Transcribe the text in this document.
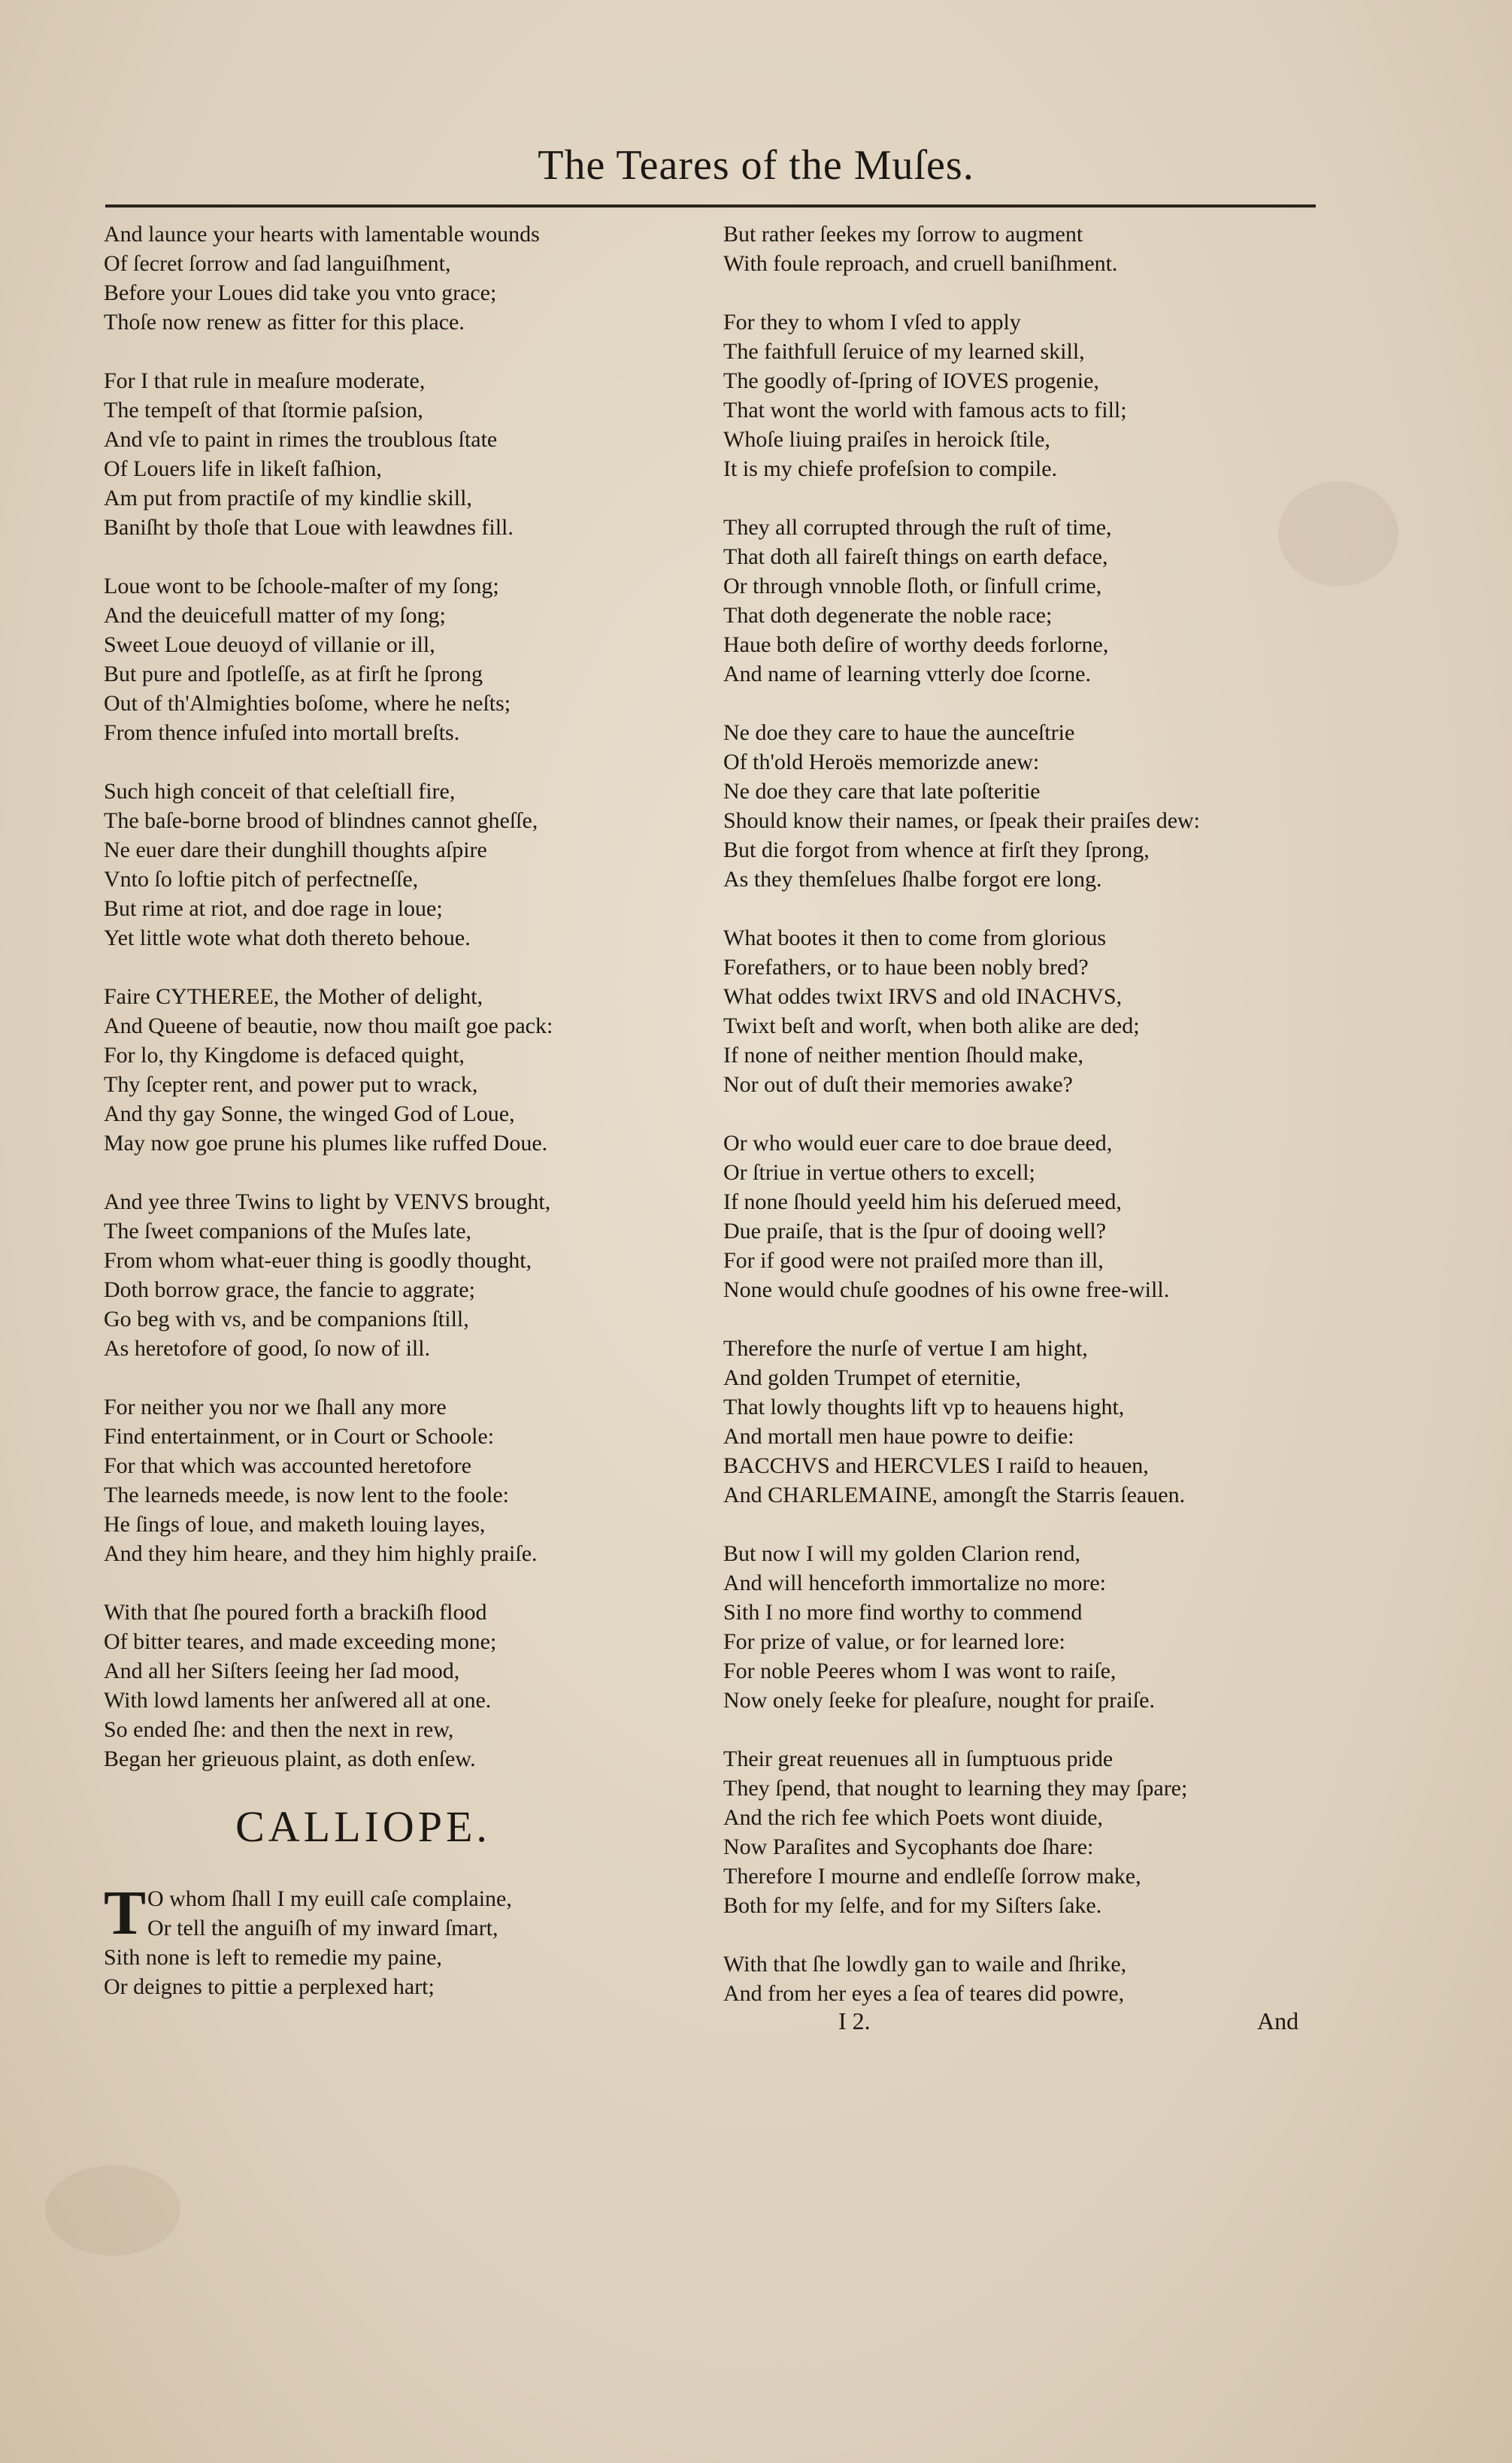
The Teares of the Muſes.
And launce your hearts with lamentable wounds
Of ſecret ſorrow and ſad languiſhment,
Before your Loues did take you vnto grace;
Thoſe now renew as fitter for this place.
For I that rule in meaſure moderate,
The tempeſt of that ſtormie paſsion,
And vſe to paint in rimes the troublous ſtate
Of Louers life in likeſt faſhion,
Am put from practiſe of my kindlie skill,
Baniſht by thoſe that Loue with leawdnes fill.
Loue wont to be ſchoole-maſter of my ſong;
And the deuicefull matter of my ſong;
Sweet Loue deuoyd of villanie or ill,
But pure and ſpotleſſe, as at firſt he ſprong
Out of th'Almighties boſome, where he neſts;
From thence infuſed into mortall breſts.
Such high conceit of that celeſtiall fire,
The baſe-borne brood of blindnes cannot gheſſe,
Ne euer dare their dunghill thoughts aſpire
Vnto ſo loftie pitch of perfectneſſe,
But rime at riot, and doe rage in loue;
Yet little wote what doth thereto behoue.
Faire CYTHEREE, the Mother of delight,
And Queene of beautie, now thou maiſt goe pack:
For lo, thy Kingdome is defaced quight,
Thy ſcepter rent, and power put to wrack,
And thy gay Sonne, the winged God of Loue,
May now goe prune his plumes like ruffed Doue.
And yee three Twins to light by VENVS brought,
The ſweet companions of the Muſes late,
From whom what-euer thing is goodly thought,
Doth borrow grace, the fancie to aggrate;
Go beg with vs, and be companions ſtill,
As heretofore of good, ſo now of ill.
For neither you nor we ſhall any more
Find entertainment, or in Court or Schoole:
For that which was accounted heretofore
The learneds meede, is now lent to the foole:
He ſings of loue, and maketh louing layes,
And they him heare, and they him highly praiſe.
With that ſhe poured forth a brackiſh flood
Of bitter teares, and made exceeding mone;
And all her Siſters ſeeing her ſad mood,
With lowd laments her anſwered all at one.
So ended ſhe: and then the next in rew,
Began her grieuous plaint, as doth enſew.
CALLIOPE.
T O whom ſhall I my euill caſe complaine,
Or tell the anguiſh of my inward ſmart,
Sith none is left to remedie my paine,
Or deignes to pittie a perplexed hart;
But rather ſeekes my ſorrow to augment
With foule reproach, and cruell baniſhment.
For they to whom I vſed to apply
The faithfull ſeruice of my learned skill,
The goodly of-ſpring of IOVES progenie,
That wont the world with famous acts to fill;
Whoſe liuing praiſes in heroick ſtile,
It is my chiefe profeſsion to compile.
They all corrupted through the ruſt of time,
That doth all faireſt things on earth deface,
Or through vnnoble ſloth, or ſinfull crime,
That doth degenerate the noble race;
Haue both deſire of worthy deeds forlorne,
And name of learning vtterly doe ſcorne.
Ne doe they care to haue the aunceſtrie
Of th'old Heroës memorizde anew:
Ne doe they care that late poſteritie
Should know their names, or ſpeak their praiſes dew:
But die forgot from whence at firſt they ſprong,
As they themſelues ſhalbe forgot ere long.
What bootes it then to come from glorious
Forefathers, or to haue been nobly bred?
What oddes twixt IRVS and old INACHVS,
Twixt beſt and worſt, when both alike are ded;
If none of neither mention ſhould make,
Nor out of duſt their memories awake?
Or who would euer care to doe braue deed,
Or ſtriue in vertue others to excell;
If none ſhould yeeld him his deſerued meed,
Due praiſe, that is the ſpur of dooing well?
For if good were not praiſed more than ill,
None would chuſe goodnes of his owne free-will.
Therefore the nurſe of vertue I am hight,
And golden Trumpet of eternitie,
That lowly thoughts lift vp to heauens hight,
And mortall men haue powre to deifie:
BACCHVS and HERCVLES I raiſd to heauen,
And CHARLEMAINE, amongſt the Starris ſeauen.
But now I will my golden Clarion rend,
And will henceforth immortalize no more:
Sith I no more find worthy to commend
For prize of value, or for learned lore:
For noble Peeres whom I was wont to raiſe,
Now onely ſeeke for pleaſure, nought for praiſe.
Their great reuenues all in ſumptuous pride
They ſpend, that nought to learning they may ſpare;
And the rich fee which Poets wont diuide,
Now Paraſites and Sycophants doe ſhare:
Therefore I mourne and endleſſe ſorrow make,
Both for my ſelfe, and for my Siſters ſake.
With that ſhe lowdly gan to waile and ſhrike,
And from her eyes a ſea of teares did powre,
I 2.	And
